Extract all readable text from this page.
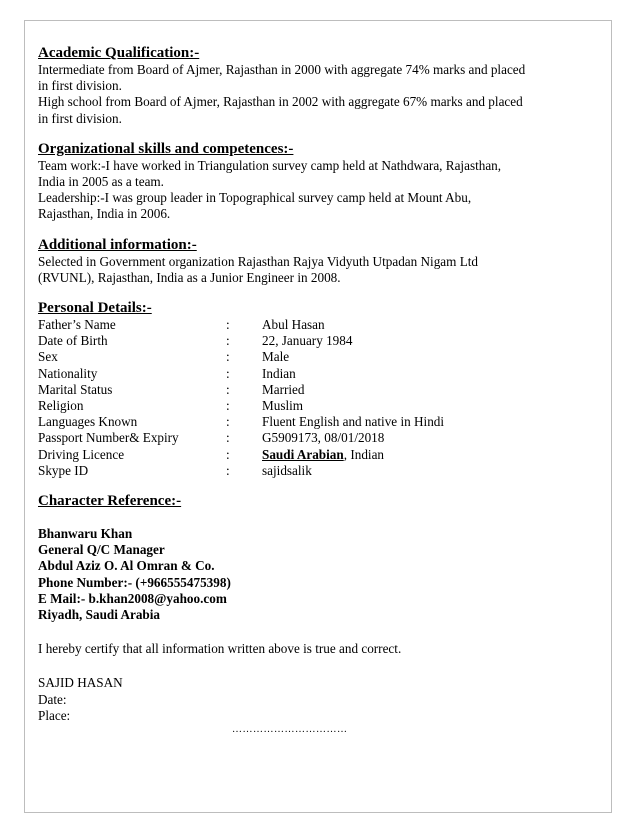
Academic Qualification:-

Intermediate from Board of Ajmer, Rajasthan in 2000 with aggregate 74% marks and placed

in first division.

High school from Board of Ajmer, Rajasthan in 2002 with aggregate 67% marks and placed

in first division.

Organizational skills and competences:-

Team work:-I have worked in Triangulation survey camp held at Nathdwara, Rajasthan,

India in 2005 as a team.

Leadership:-I was group leader in Topographical survey camp held at Mount Abu,

Rajasthan, India in 2006.

Additional information:-

Selected in Government organization Rajasthan Rajya Vidyuth Utpadan Nigam Ltd

(RVUNL), Rajasthan, India as a Junior Engineer in 2008.

Personal Details:-
Father’s Name	: Abul Hasan
Date of Birth	: 22, January 1984
Sex	: Male
Nationality	: Indian
Marital Status	: Married
Religion	: Muslim
Languages Known	: Fluent English and native in Hindi
Passport Number& Expiry	: G5909173, 08/01/2018
Driving Licence	: Saudi Arabian, Indian
Skype ID	: sajidsalik
Character Reference:-

Bhanwaru Khan

General Q/C Manager

Abdul Aziz O. Al Omran & Co.

Phone Number:- (+966555475398)

E Mail:- b.khan2008@yahoo.com

Riyadh, Saudi Arabia

I hereby certify that all information written above is true and correct.

SAJID HASAN

Date:

Place:

……………………………
